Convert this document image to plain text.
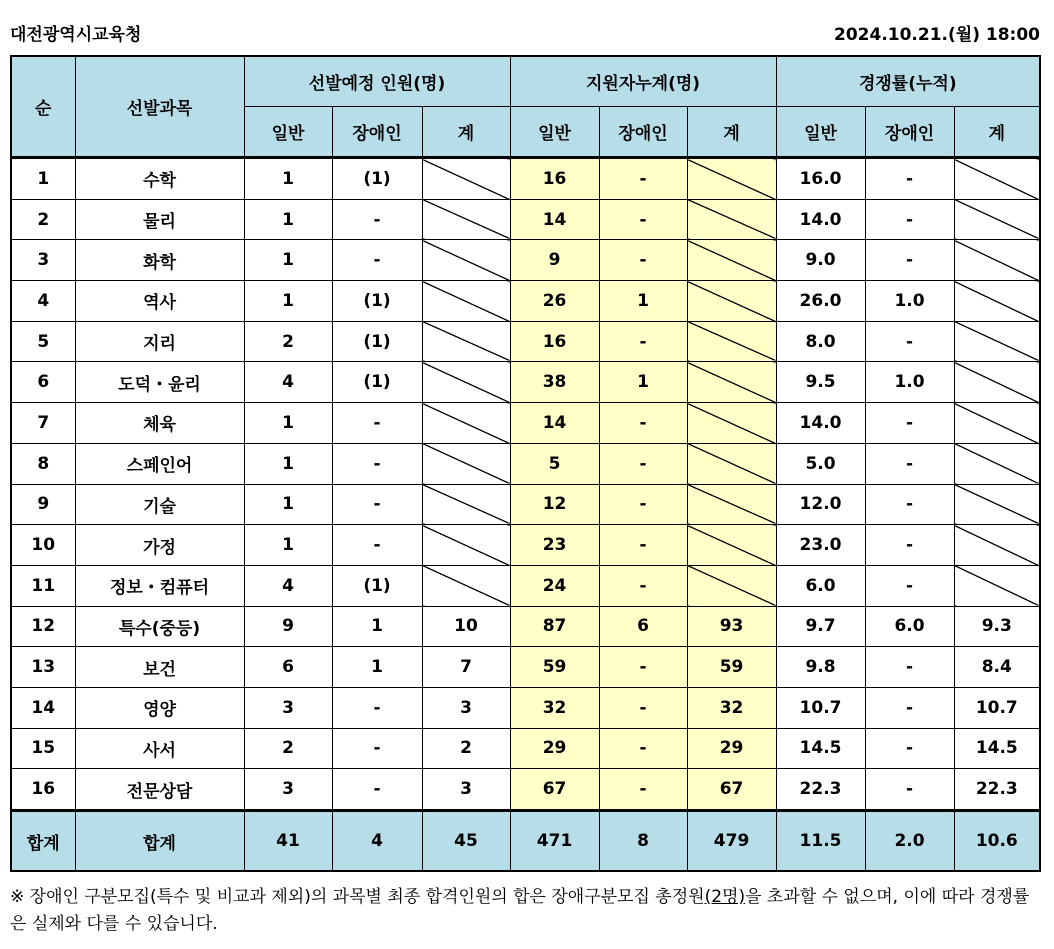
대전광역시교육청	2024.10.21.(월) 18:00
순	선발과목	선발예정 인원(명)			지원자누계(명)			경쟁률(누적)		
		일반	장애인	계	일반	장애인	계	일반	장애인	계
1	수학	1	(1)		16	-		16.0	-	
2	물리	1	-		14	-		14.0	-	
3	화학	1	-		9	-		9.0	-	
4	역사	1	(1)		26	1		26.0	1.0	
5	지리	2	(1)		16	-		8.0	-	
6	도덕・윤리	4	(1)		38	1		9.5	1.0	
7	체육	1	-		14	-		14.0	-	
8	스페인어	1	-		5	-		5.0	-	
9	기술	1	-		12	-		12.0	-	
10	가정	1	-		23	-		23.0	-	
11	정보・컴퓨터	4	(1)		24	-		6.0	-	
12	특수(중등)	9	1	10	87	6	93	9.7	6.0	9.3
13	보건	6	1	7	59	-	59	9.8	-	8.4
14	영양	3	-	3	32	-	32	10.7	-	10.7
15	사서	2	-	2	29	-	29	14.5	-	14.5
16	전문상담	3	-	3	67	-	67	22.3	-	22.3
합계	합계	41	4	45	471	8	479	11.5	2.0	10.6
※ 장애인 구분모집(특수 및 비교과 제외)의 과목별 최종 합격인원의 합은 장애구분모집 총정원(2명)을 초과할 수 없으며, 이에 따라 경쟁률은 실제와 다를 수 있습니다.
